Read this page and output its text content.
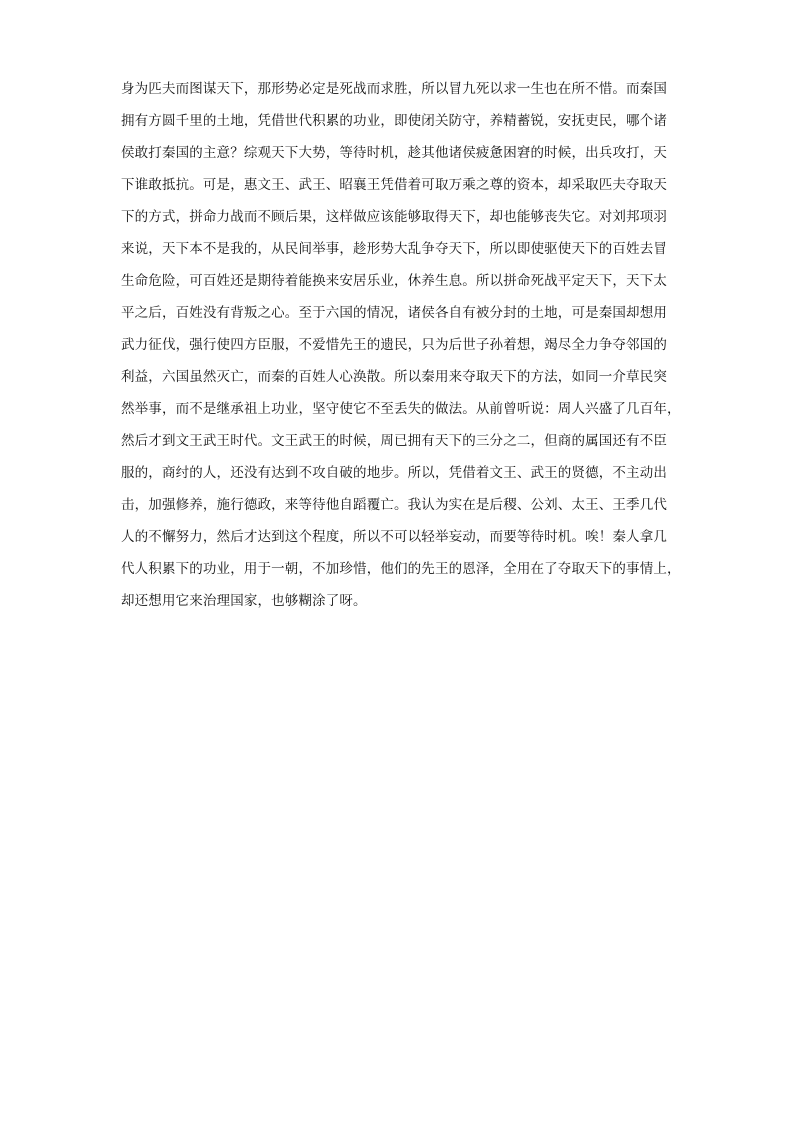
身为匹夫而图谋天下，那形势必定是死战而求胜，所以冒九死以求一生也在所不惜。而秦国
拥有方圆千里的土地，凭借世代积累的功业，即使闭关防守，养精蓄锐，安抚吏民，哪个诸
侯敢打秦国的主意？综观天下大势，等待时机，趁其他诸侯疲惫困窘的时候，出兵攻打，天
下谁敢抵抗。可是，惠文王、武王、昭襄王凭借着可取万乘之尊的资本，却采取匹夫夺取天
下的方式，拼命力战而不顾后果，这样做应该能够取得天下，却也能够丧失它。对刘邦项羽
来说，天下本不是我的，从民间举事，趁形势大乱争夺天下，所以即使驱使天下的百姓去冒
生命危险，可百姓还是期待着能换来安居乐业，休养生息。所以拼命死战平定天下，天下太
平之后，百姓没有背叛之心。至于六国的情况，诸侯各自有被分封的土地，可是秦国却想用
武力征伐，强行使四方臣服，不爱惜先王的遗民，只为后世子孙着想，竭尽全力争夺邻国的
利益，六国虽然灭亡，而秦的百姓人心涣散。所以秦用来夺取天下的方法，如同一介草民突
然举事，而不是继承祖上功业，坚守使它不至丢失的做法。从前曾听说：周人兴盛了几百年，
然后才到文王武王时代。文王武王的时候，周已拥有天下的三分之二，但商的属国还有不臣
服的，商纣的人，还没有达到不攻自破的地步。所以，凭借着文王、武王的贤德，不主动出
击，加强修养，施行德政，来等待他自蹈覆亡。我认为实在是后稷、公刘、太王、王季几代
人的不懈努力，然后才达到这个程度，所以不可以轻举妄动，而要等待时机。唉！秦人拿几
代人积累下的功业，用于一朝，不加珍惜，他们的先王的恩泽，全用在了夺取天下的事情上，
却还想用它来治理国家，也够糊涂了呀。
